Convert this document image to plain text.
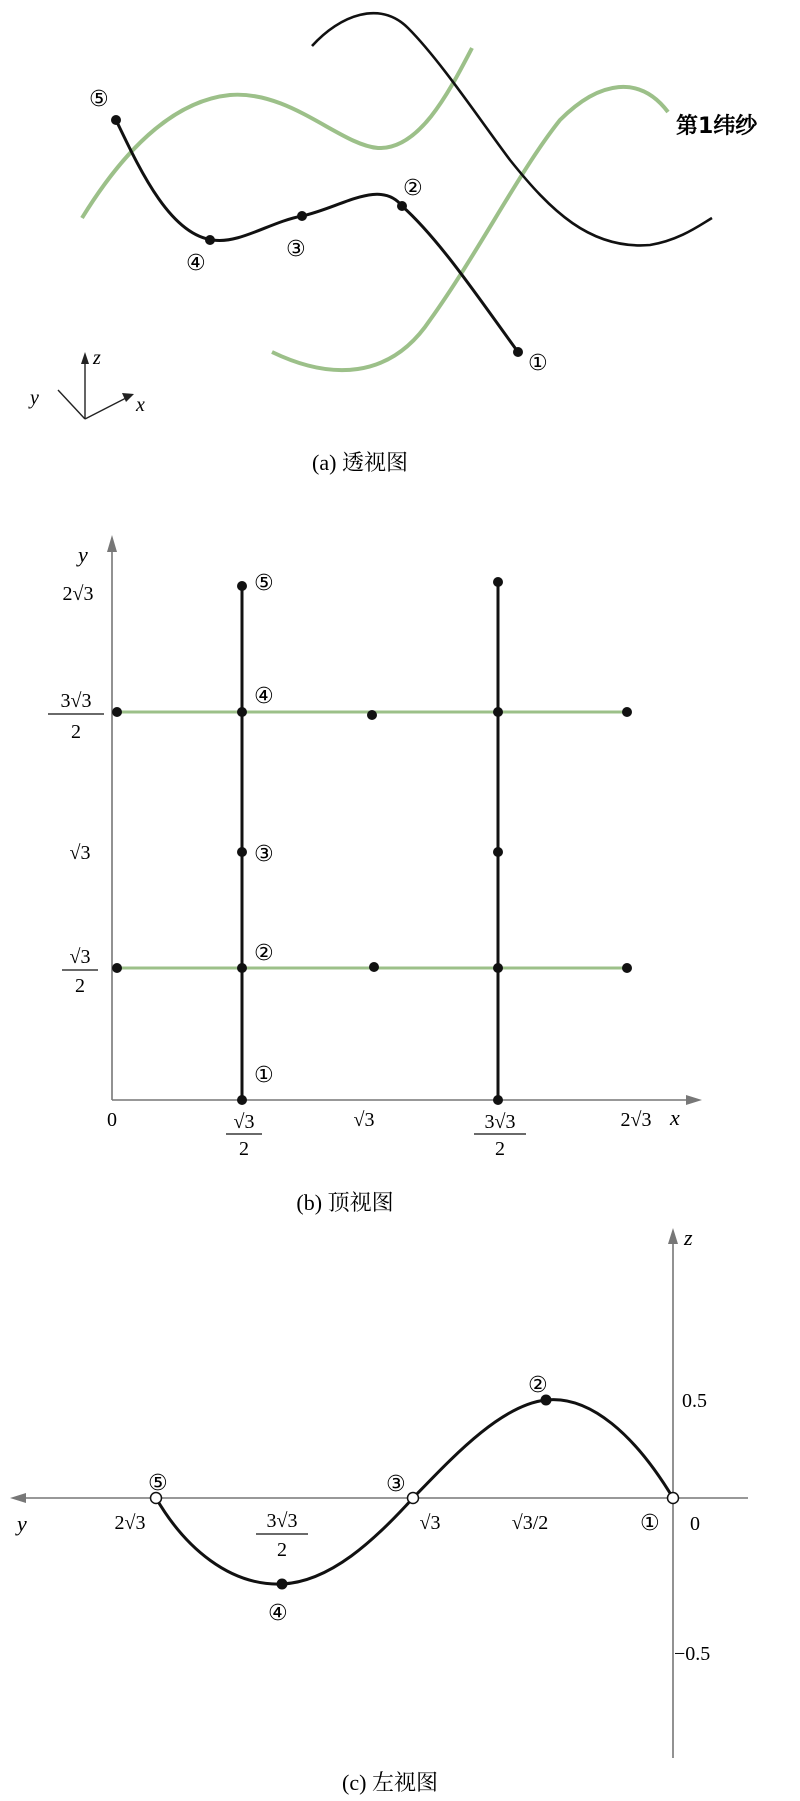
①
②
③
④
⑤
第1纬纱
z
x
y
(a) 透视图
y
x
①
②
③
④
⑤
0	√3
2
√3	3√3
2
2√3
√3
2
√3
3√3
2
2√3
(b) 顶视图
z
y	①
②
③
④
⑤
0.5
0
−0.5
2√3	3√3
2
√3	√3/2
(c) 左视图
